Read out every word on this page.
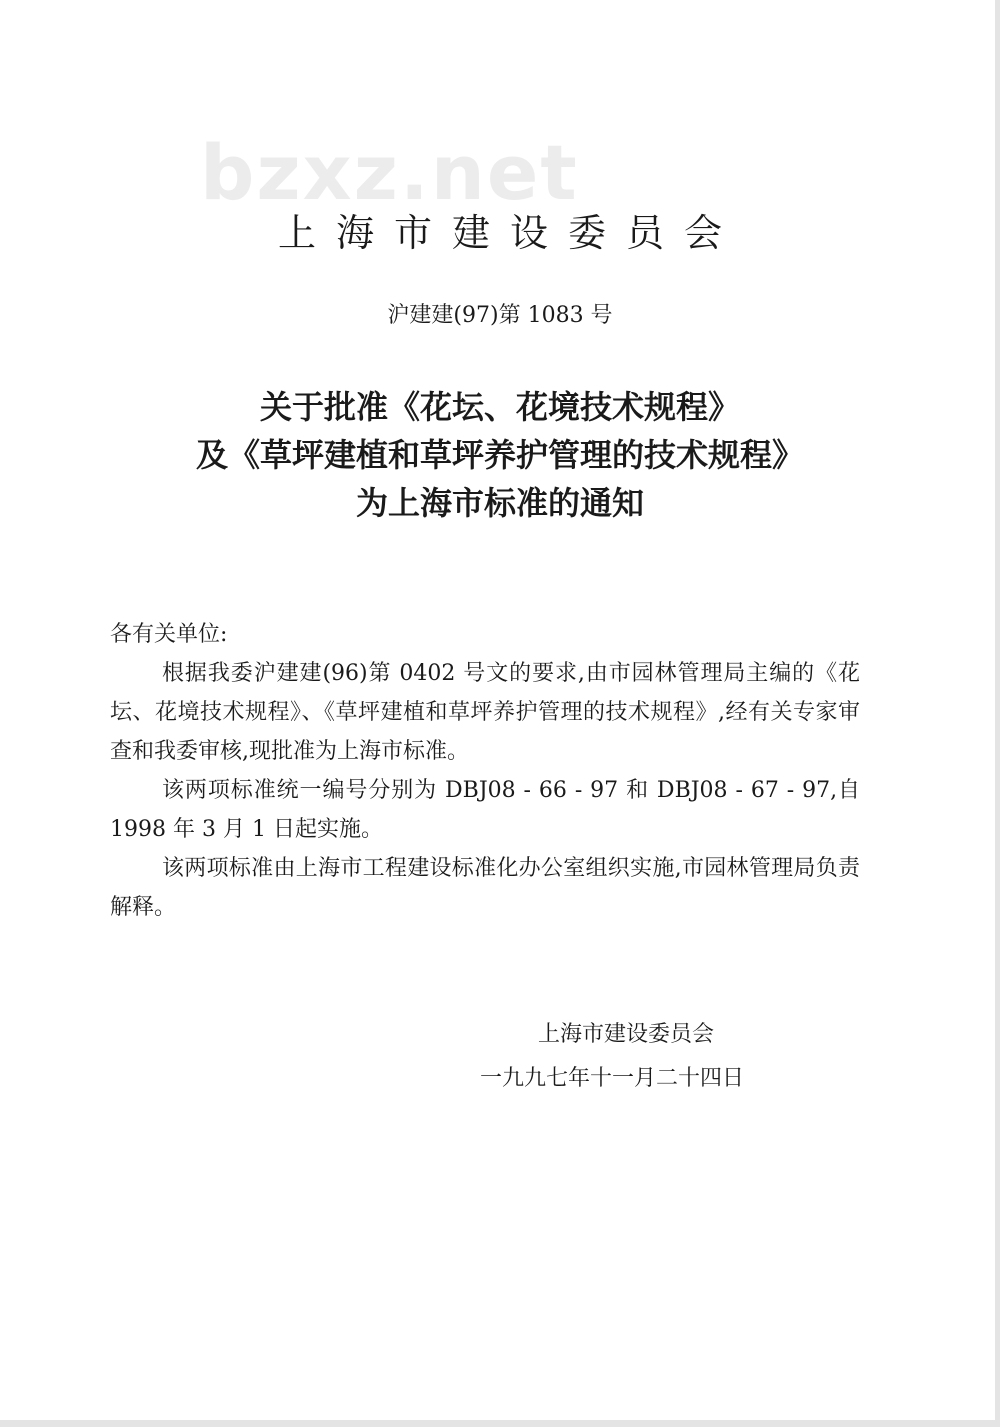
bzxz.net
上海市建设委员会
沪建建(97)第 1083 号
关于批准《花坛、花境技术规程》
及《草坪建植和草坪养护管理的技术规程》
为上海市标准的通知

各有关单位:

根据我委沪建建(96)第 0402 号文的要求,由市园林管理局主编的《花坛、花境技术规程》、《草坪建植和草坪养护管理的技术规程》,经有关专家审查和我委审核,现批准为上海市标准。

该两项标准统一编号分别为 DBJ08 - 66 - 97 和 DBJ08 - 67 - 97,自 1998 年 3 月 1 日起实施。

该两项标准由上海市工程建设标准化办公室组织实施,市园林管理局负责解释。

上海市建设委员会
一九九七年十一月二十四日
